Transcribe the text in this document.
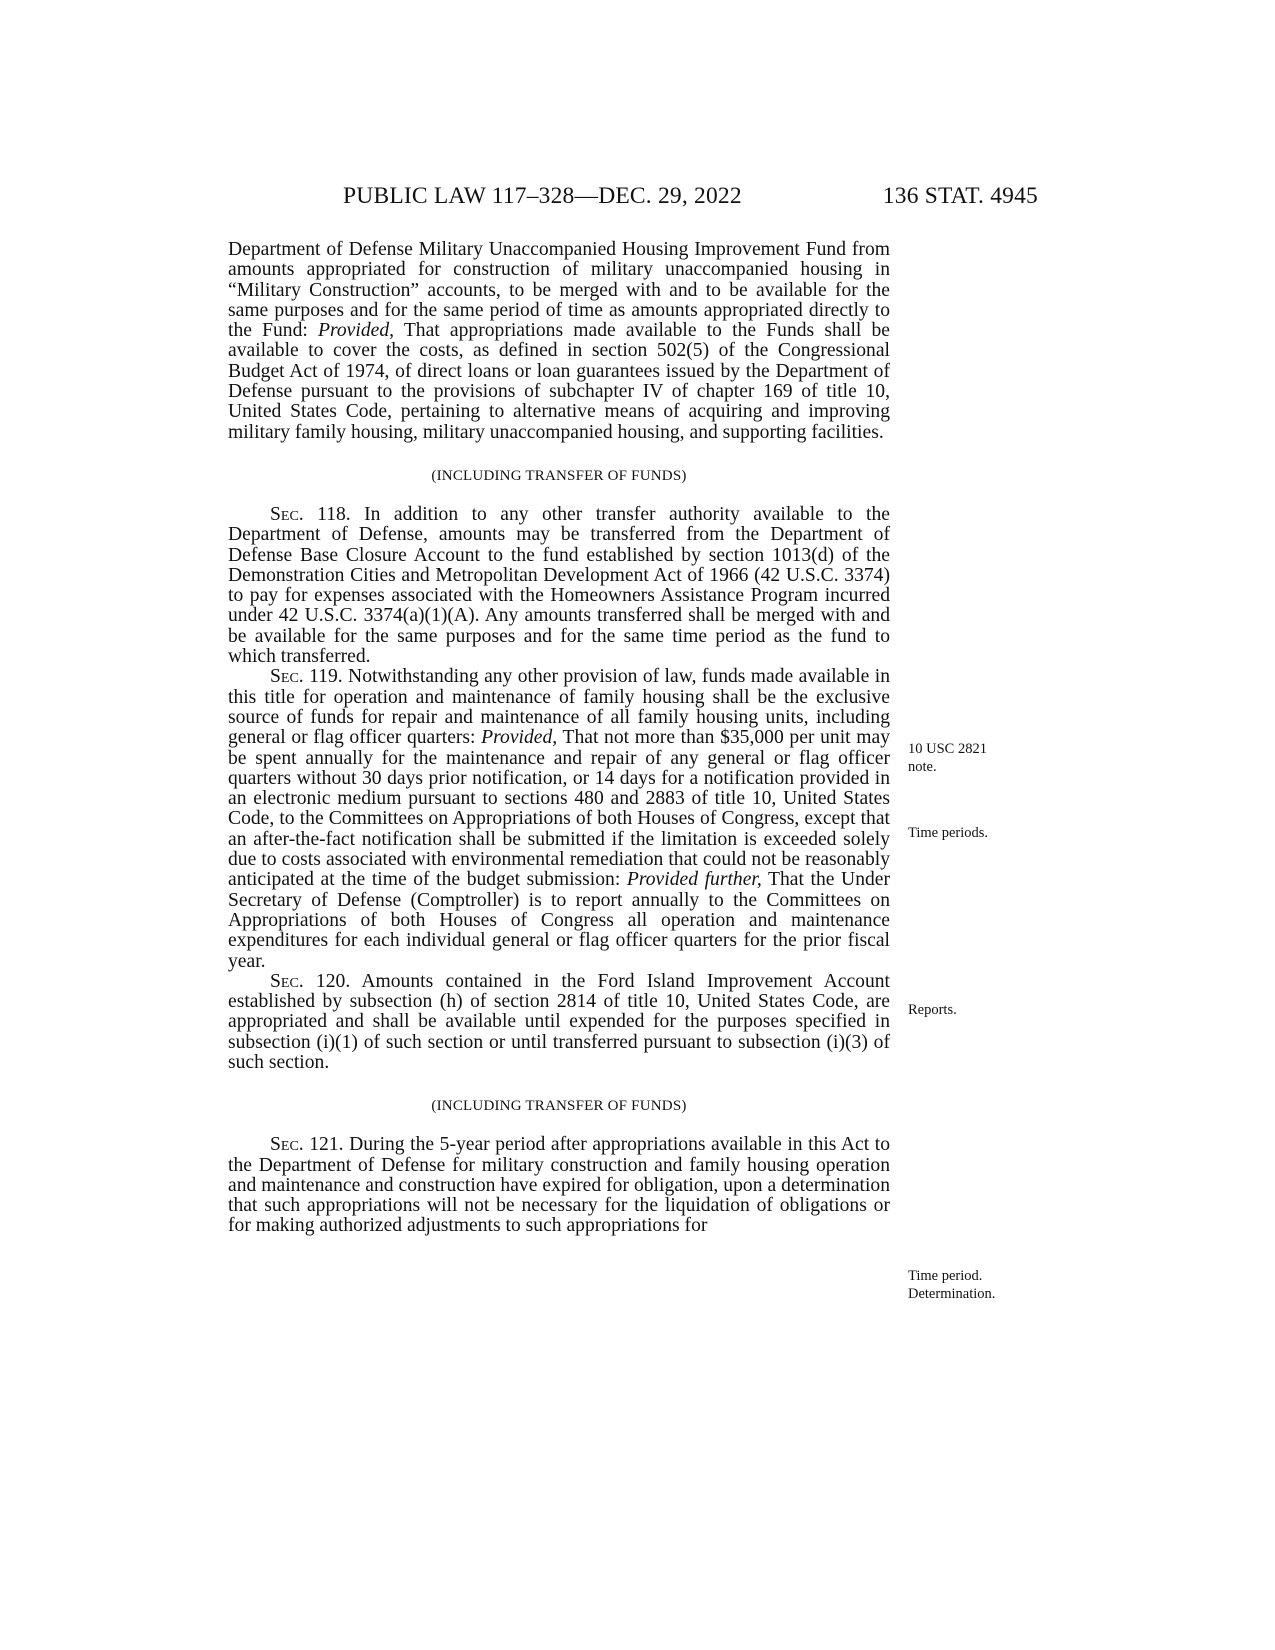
PUBLIC LAW 117–328—DEC. 29, 2022	136 STAT. 4945

Department of Defense Military Unaccompanied Housing Improvement Fund from amounts appropriated for construction of military unaccompanied housing in “Military Construction” accounts, to be merged with and to be available for the same purposes and for the same period of time as amounts appropriated directly to the Fund: Provided, That appropriations made available to the Funds shall be available to cover the costs, as defined in section 502(5) of the Congressional Budget Act of 1974, of direct loans or loan guarantees issued by the Department of Defense pursuant to the provisions of subchapter IV of chapter 169 of title 10, United States Code, pertaining to alternative means of acquiring and improving military family housing, military unaccompanied housing, and supporting facilities.

(INCLUDING TRANSFER OF FUNDS)

Sec. 118. In addition to any other transfer authority available to the Department of Defense, amounts may be transferred from the Department of Defense Base Closure Account to the fund established by section 1013(d) of the Demonstration Cities and Metropolitan Development Act of 1966 (42 U.S.C. 3374) to pay for expenses associated with the Homeowners Assistance Program incurred under 42 U.S.C. 3374(a)(1)(A). Any amounts transferred shall be merged with and be available for the same purposes and for the same time period as the fund to which transferred.

Sec. 119. Notwithstanding any other provision of law, funds made available in this title for operation and maintenance of family housing shall be the exclusive source of funds for repair and maintenance of all family housing units, including general or flag officer quarters: Provided, That not more than $35,000 per unit may be spent annually for the maintenance and repair of any general or flag officer quarters without 30 days prior notification, or 14 days for a notification provided in an electronic medium pursuant to sections 480 and 2883 of title 10, United States Code, to the Committees on Appropriations of both Houses of Congress, except that an after-the-fact notification shall be submitted if the limitation is exceeded solely due to costs associated with environmental remediation that could not be reasonably anticipated at the time of the budget submission: Provided further, That the Under Secretary of Defense (Comptroller) is to report annually to the Committees on Appropriations of both Houses of Congress all operation and maintenance expenditures for each individual general or flag officer quarters for the prior fiscal year.

Sec. 120. Amounts contained in the Ford Island Improvement Account established by subsection (h) of section 2814 of title 10, United States Code, are appropriated and shall be available until expended for the purposes specified in subsection (i)(1) of such section or until transferred pursuant to subsection (i)(3) of such section.

(INCLUDING TRANSFER OF FUNDS)

Sec. 121. During the 5-year period after appropriations available in this Act to the Department of Defense for military construction and family housing operation and maintenance and construction have expired for obligation, upon a determination that such appropriations will not be necessary for the liquidation of obligations or for making authorized adjustments to such appropriations for

10 USC 2821
note.
Time periods.
Reports.
Time period.
Determination.
